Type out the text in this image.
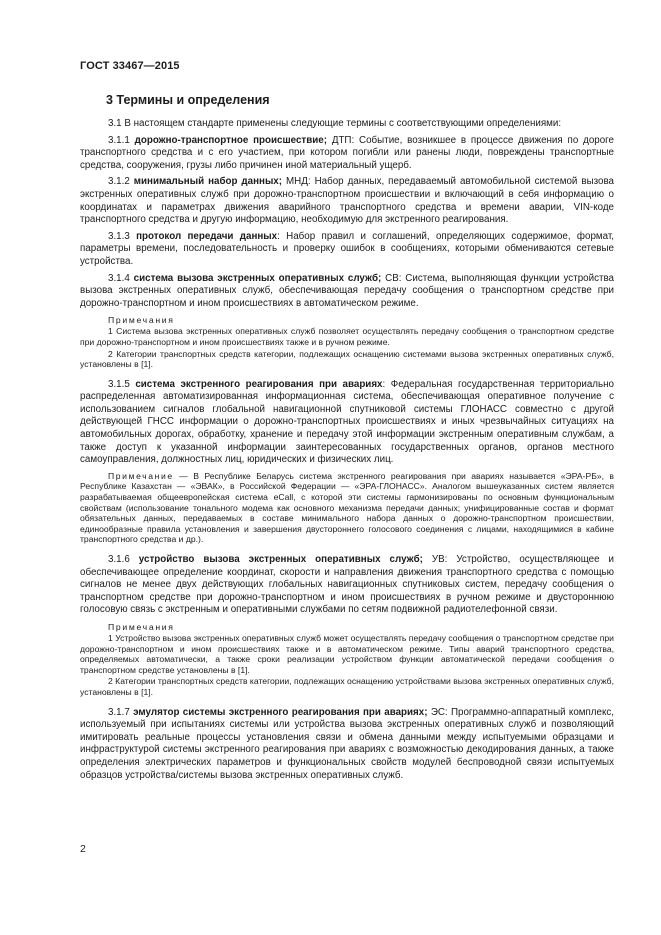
ГОСТ 33467—2015
3 Термины и определения

3.1 В настоящем стандарте применены следующие термины с соответствующими определениями:

3.1.1 дорожно-транспортное происшествие; ДТП: Событие, возникшее в процессе движения по дороге транспортного средства и с его участием, при котором погибли или ранены люди, повреждены транспортные средства, сооружения, грузы либо причинен иной материальный ущерб.

3.1.2 минимальный набор данных; МНД: Набор данных, передаваемый автомобильной системой вызова экстренных оперативных служб при дорожно-транспортном происшествии и включающий в себя информацию о координатах и параметрах движения аварийного транспортного средства и времени аварии, VIN-коде транспортного средства и другую информацию, необходимую для экстренного реагирования.

3.1.3 протокол передачи данных: Набор правил и соглашений, определяющих содержимое, формат, параметры времени, последовательность и проверку ошибок в сообщениях, которыми обмениваются сетевые устройства.

3.1.4 система вызова экстренных оперативных служб; СВ: Система, выполняющая функции устройства вызова экстренных оперативных служб, обеспечивающая передачу сообщения о транспортном средстве при дорожно-транспортном и ином происшествиях в автоматическом режиме.

Примечания

1 Система вызова экстренных оперативных служб позволяет осуществлять передачу сообщения о транспортном средстве при дорожно-транспортном и ином происшествиях также и в ручном режиме.

2 Категории транспортных средств категории, подлежащих оснащению системами вызова экстренных оперативных служб, установлены в [1].

3.1.5 система экстренного реагирования при авариях: Федеральная государственная территориально распределенная автоматизированная информационная система, обеспечивающая оперативное получение с использованием сигналов глобальной навигационной спутниковой системы ГЛОНАСС совместно с другой действующей ГНСС информации о дорожно-транспортных происшествиях и иных чрезвычайных ситуациях на автомобильных дорогах, обработку, хранение и передачу этой информации экстренным оперативным службам, а также доступ к указанной информации заинтересованных государственных органов, органов местного самоуправления, должностных лиц, юридических и физических лиц.

Примечание — В Республике Беларусь система экстренного реагирования при авариях называется «ЭРА-РБ», в Республике Казахстан — «ЭВАК», в Российской Федерации — «ЭРА-ГЛОНАСС». Аналогом вышеуказанных систем является разрабатываемая общеевропейская система eCall, с которой эти системы гармонизированы по основным функциональным свойствам (использование тонального модема как основного механизма передачи данных; унифицированные состав и формат обязательных данных, передаваемых в составе минимального набора данных о дорожно-транспортном происшествии, единообразные правила установления и завершения двустороннего голосового соединения с лицами, находящимися в кабине транспортного средства и др.).

3.1.6 устройство вызова экстренных оперативных служб; УВ: Устройство, осуществляющее и обеспечивающее определение координат, скорости и направления движения транспортного средства с помощью сигналов не менее двух действующих глобальных навигационных спутниковых систем, передачу сообщения о транспортном средстве при дорожно-транспортном и ином происшествиях в ручном режиме и двустороннюю голосовую связь с экстренным и оперативными службами по сетям подвижной радиотелефонной связи.

Примечания

1 Устройство вызова экстренных оперативных служб может осуществлять передачу сообщения о транспортном средстве при дорожно-транспортном и ином происшествиях также и в автоматическом режиме. Типы аварий транспортного средства, определяемых автоматически, а также сроки реализации устройством функции автоматической передачи сообщения о транспортном средстве установлены в [1].

2 Категории транспортных средств категории, подлежащих оснащению устройствами вызова экстренных оперативных служб, установлены в [1].

3.1.7 эмулятор системы экстренного реагирования при авариях; ЭС: Программно-аппаратный комплекс, используемый при испытаниях системы или устройства вызова экстренных оперативных служб и позволяющий имитировать реальные процессы установления связи и обмена данными между испытуемыми образцами и инфраструктурой системы экстренного реагирования при авариях с возможностью декодирования данных, а также определения электрических параметров и функциональных свойств модулей беспроводной связи испытуемых образцов устройства/системы вызова экстренных оперативных служб.

2
